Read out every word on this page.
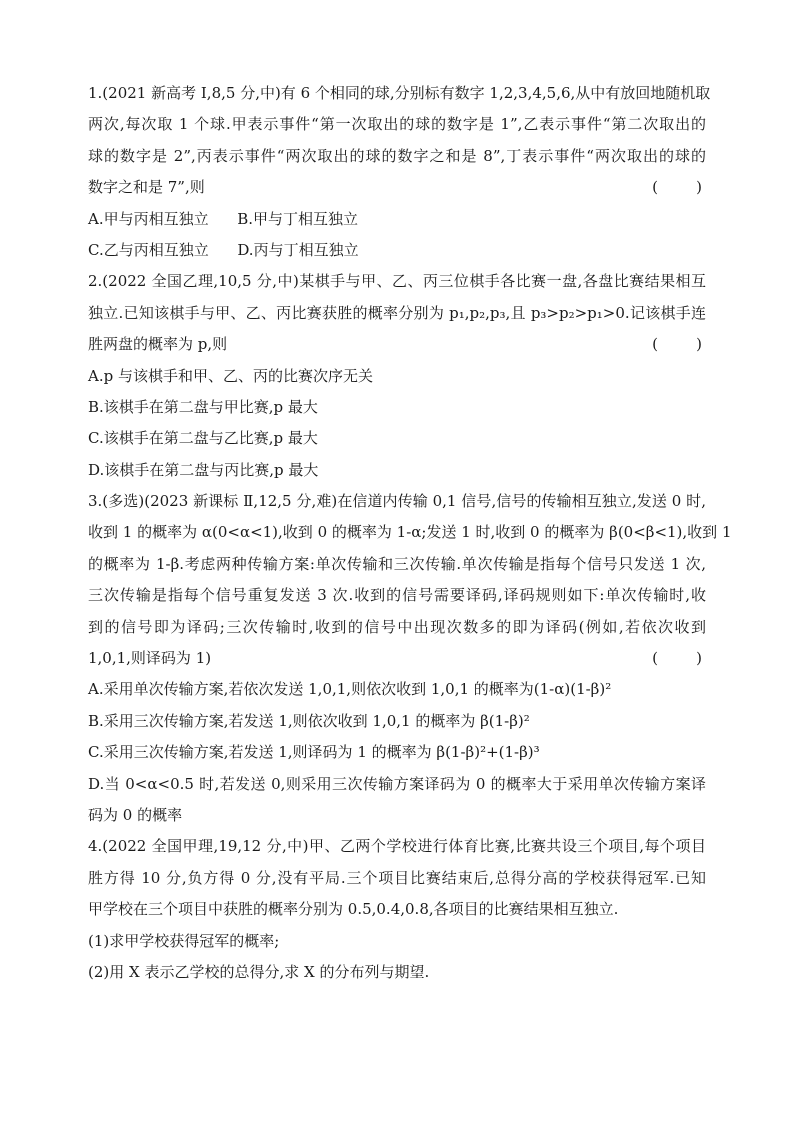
1.(2021 新高考 Ⅰ,8,5 分,中)有 6 个相同的球,分别标有数字 1,2,3,4,5,6,从中有放回地随机取
两次,每次取 1 个球.甲表示事件“第一次取出的球的数字是 1”,乙表示事件“第二次取出的
球的数字是 2”,丙表示事件“两次取出的球的数字之和是 8”,丁表示事件“两次取出的球的
数字之和是 7”,则	(        )
A.甲与丙相互独立      B.甲与丁相互独立
C.乙与丙相互独立      D.丙与丁相互独立
2.(2022 全国乙理,10,5 分,中)某棋手与甲、乙、丙三位棋手各比赛一盘,各盘比赛结果相互
独立.已知该棋手与甲、乙、丙比赛获胜的概率分别为 p₁,p₂,p₃,且 p₃>p₂>p₁>0.记该棋手连
胜两盘的概率为 p,则	(        )
A.p 与该棋手和甲、乙、丙的比赛次序无关
B.该棋手在第二盘与甲比赛,p 最大
C.该棋手在第二盘与乙比赛,p 最大
D.该棋手在第二盘与丙比赛,p 最大
3.(多选)(2023 新课标 Ⅱ,12,5 分,难)在信道内传输 0,1 信号,信号的传输相互独立,发送 0 时,
收到 1 的概率为 α(0<α<1),收到 0 的概率为 1-α;发送 1 时,收到 0 的概率为 β(0<β<1),收到 1
的概率为 1-β.考虑两种传输方案:单次传输和三次传输.单次传输是指每个信号只发送 1 次,
三次传输是指每个信号重复发送 3 次.收到的信号需要译码,译码规则如下:单次传输时,收
到的信号即为译码;三次传输时,收到的信号中出现次数多的即为译码(例如,若依次收到
1,0,1,则译码为 1)	(        )
A.采用单次传输方案,若依次发送 1,0,1,则依次收到 1,0,1 的概率为(1-α)(1-β)²
B.采用三次传输方案,若发送 1,则依次收到 1,0,1 的概率为 β(1-β)²
C.采用三次传输方案,若发送 1,则译码为 1 的概率为 β(1-β)²+(1-β)³
D.当 0<α<0.5 时,若发送 0,则采用三次传输方案译码为 0 的概率大于采用单次传输方案译
码为 0 的概率
4.(2022 全国甲理,19,12 分,中)甲、乙两个学校进行体育比赛,比赛共设三个项目,每个项目
胜方得 10 分,负方得 0 分,没有平局.三个项目比赛结束后,总得分高的学校获得冠军.已知
甲学校在三个项目中获胜的概率分别为 0.5,0.4,0.8,各项目的比赛结果相互独立.
(1)求甲学校获得冠军的概率;
(2)用 X 表示乙学校的总得分,求 X 的分布列与期望.
